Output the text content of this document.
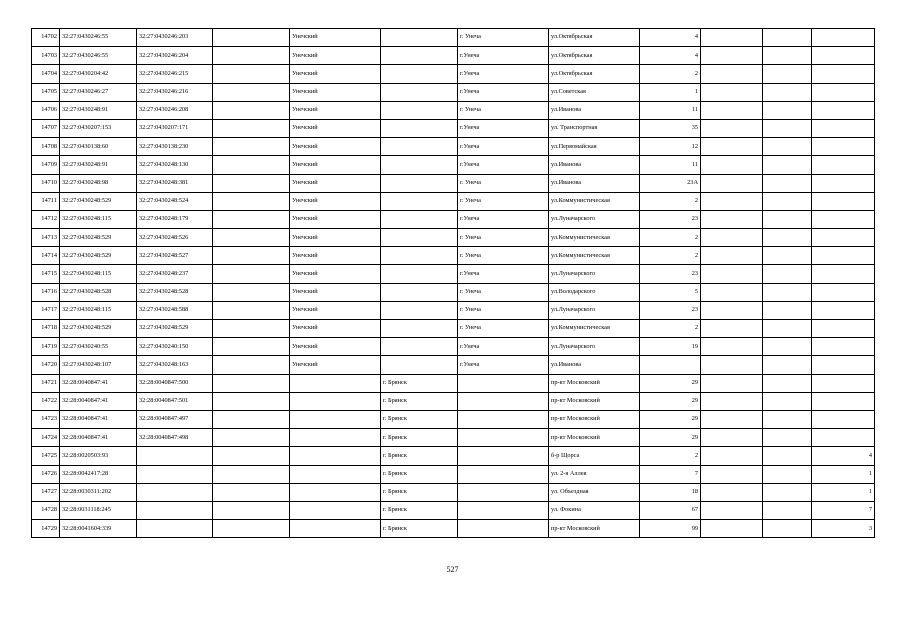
14702	32:27:0430246:55	32:27:0430246:203		Унечский		г. Унеча	ул.Октябрьская	4			
14703	32:27:0430246:55	32:27:0430246:204		Унечский		г.Унеча	ул.Октябрьская	4			
14704	32:27:0430204:42	32:27:0430246:215		Унечский		г.Унеча	ул.Октябрьская	2			
14705	32:27:0430246:27	32:27:0430246:216		Унечский		г.Унеча	ул.Советская	1			
14706	32:27:0430248:91	32:27:0430246:208		Унечский		г. Унеча	ул.Иванова	11			
14707	32:27:0430207:153	32:27:0430207:171		Унечский		г.Унеча	ул. Транспортная	35			
14708	32:27:0430138:60	32:27:0430138:230		Унечский		г.Унеча	ул.Первомайская	12			
14709	32:27:0430248:91	32:27:0430248:130		Унечский		г.Унеча	ул.Иванова	11			
14710	32:27:0430248:98	32:27:0430248:381		Унечский		г. Унеча	ул.Иванова	23А			
14711	32:27:0430248:529	32:27:0430248:524		Унечский		г. Унеча	ул.Коммунистическая	2			
14712	32:27:0430248:115	32:27:0430248:179		Унечский		г.Унеча	ул.Луначарского	23			
14713	32:27:0430248:529	32:27:0430248:526		Унечский		г. Унеча	ул.Коммунистическая	2			
14714	32:27:0430248:529	32:27:0430248:527		Унечский		г. Унеча	ул.Коммунистическая	2			
14715	32:27:0430248:115	32:27:0430248:237		Унечский		г.Унеча	ул.Луначарского	23			
14716	32:27:0430248:528	32:27:0430248:528		Унечский		г. Унеча	ул.Володарского	5			
14717	32:27:0430248:115	32:27:0430248:588		Унечский		г. Унеча	ул.Луначарского	23			
14718	32:27:0430248:529	32:27:0430248:529		Унечский		г. Унеча	ул.Коммунистическая	2			
14719	32:27:0430240:55	32:27:0430240:150		Унечский		г.Унеча	ул.Луначарского	19			
14720	32:27:0430248:107	32:27:0430248:163		Унечский		г.Унеча	ул.Иванова				
14721	32:28:0040847:41	32:28:0040847:500			г. Брянск		пр-кт Московский	29			
14722	32:28:0040847:41	32:28:0040847:501			г. Брянск		пр-кт Московский	29			
14723	32:28:0040847:41	32:28:0040847:497			г. Брянск		пр-кт Московский	29			
14724	32:28:0040847:41	32:28:0040847:498			г. Брянск		пр-кт Московский	29			
14725	32:28:0020503:93				г. Брянск		б-р Щорса	2			4
14726	32:28:0042417:28				г. Брянск		ул. 2-я Аллея	7			1
14727	32:28:0030311:202				г. Брянск		ул. Объездная	18			1
14728	32:28:0031118:245				г. Брянск		ул. Фокина	67			7
14729	32:28:0041604:339				г. Брянск		пр-кт Московский	99			3
527
